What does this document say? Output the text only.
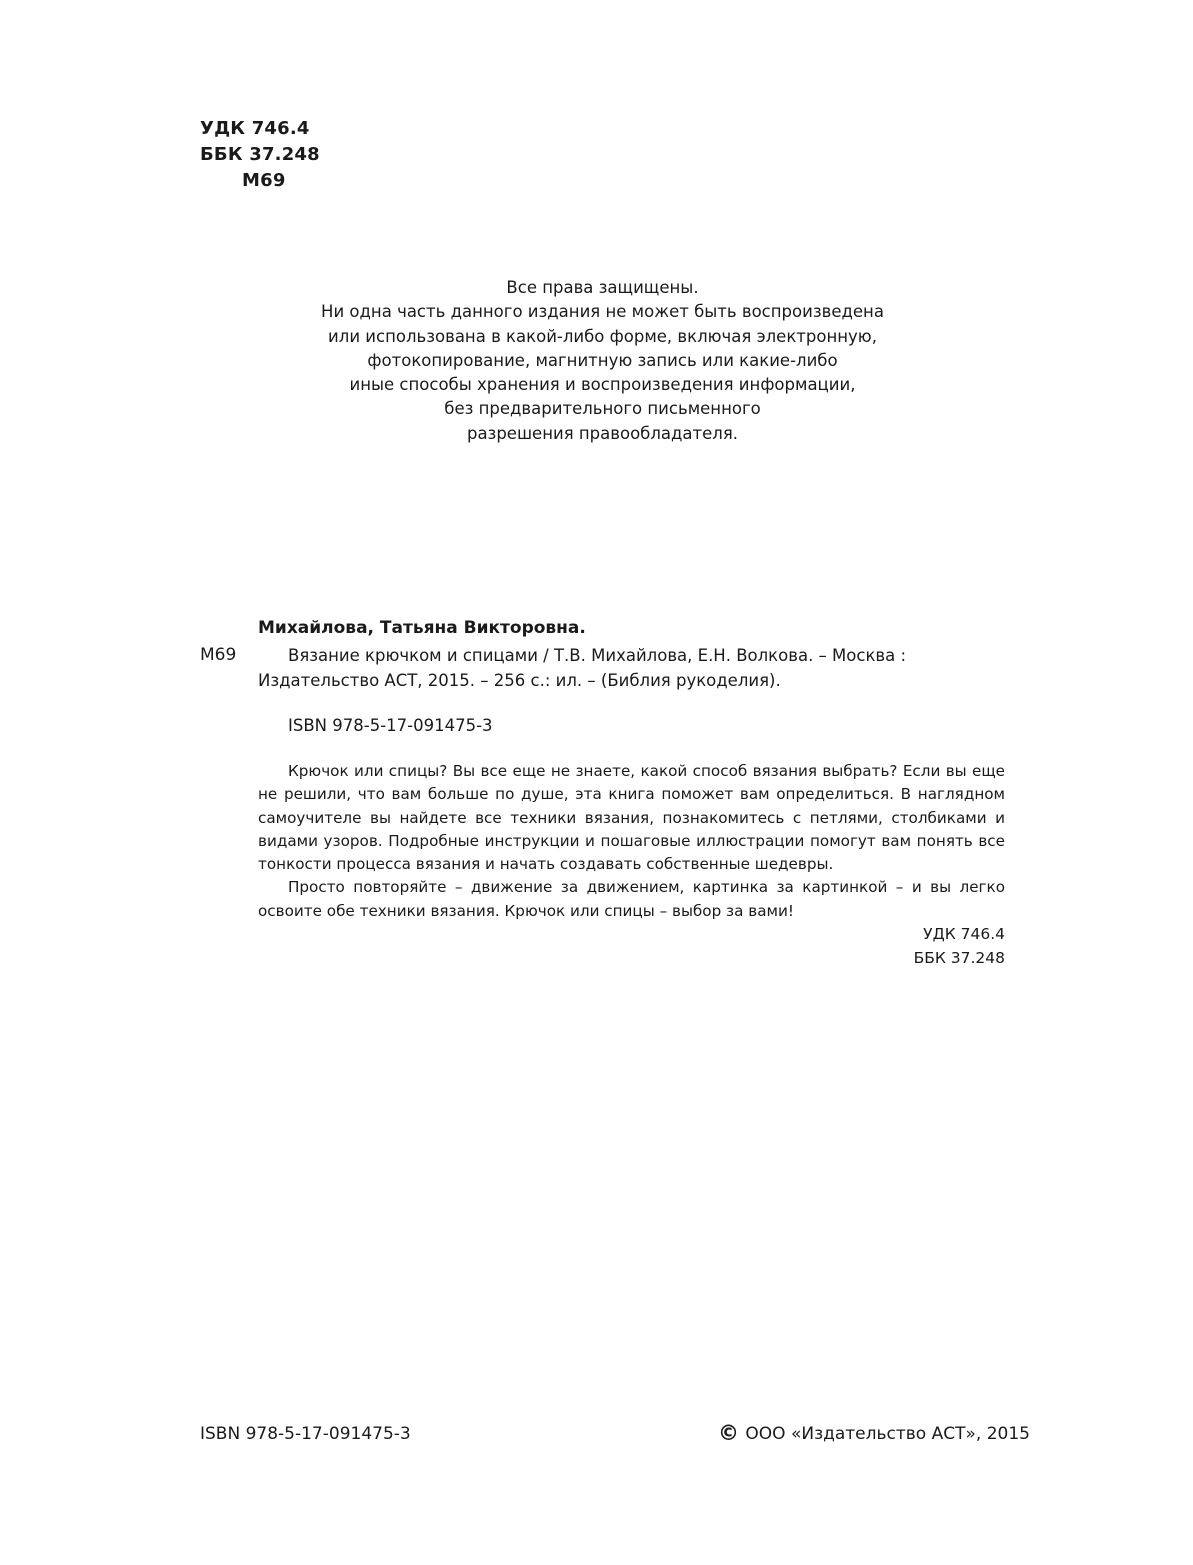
УДК 746.4
ББК 37.248
М69
Все права защищены.
Ни одна часть данного издания не может быть воспроизведена
или использована в какой-либо форме, включая электронную,
фотокопирование, магнитную запись или какие-либо
иные способы хранения и воспроизведения информации,
без предварительного письменного
разрешения правообладателя.
Михайлова, Татьяна Викторовна.
М69	Вязание крючком и спицами / Т.В. Михайлова, Е.Н. Волкова. – Москва :
Издательство АСТ, 2015. – 256 с.: ил. – (Библия рукоделия).
ISBN 978-5-17-091475-3

Крючок или спицы? Вы все еще не знаете, какой способ вязания выбрать? Если вы еще не решили, что вам больше по душе, эта книга поможет вам определиться. В наглядном самоучителе вы найдете все техники вязания, познакомитесь с петлями, столбиками и видами узоров. Подробные инструкции и пошаговые иллюстрации помогут вам понять все тонкости процесса вязания и начать создавать собственные шедевры.

Просто повторяйте – движение за движением, картинка за картинкой – и вы легко освоите обе техники вязания. Крючок или спицы – выбор за вами!

УДК 746.4
ББК 37.248
ISBN 978-5-17-091475-3	© ООО «Издательство АСТ», 2015
